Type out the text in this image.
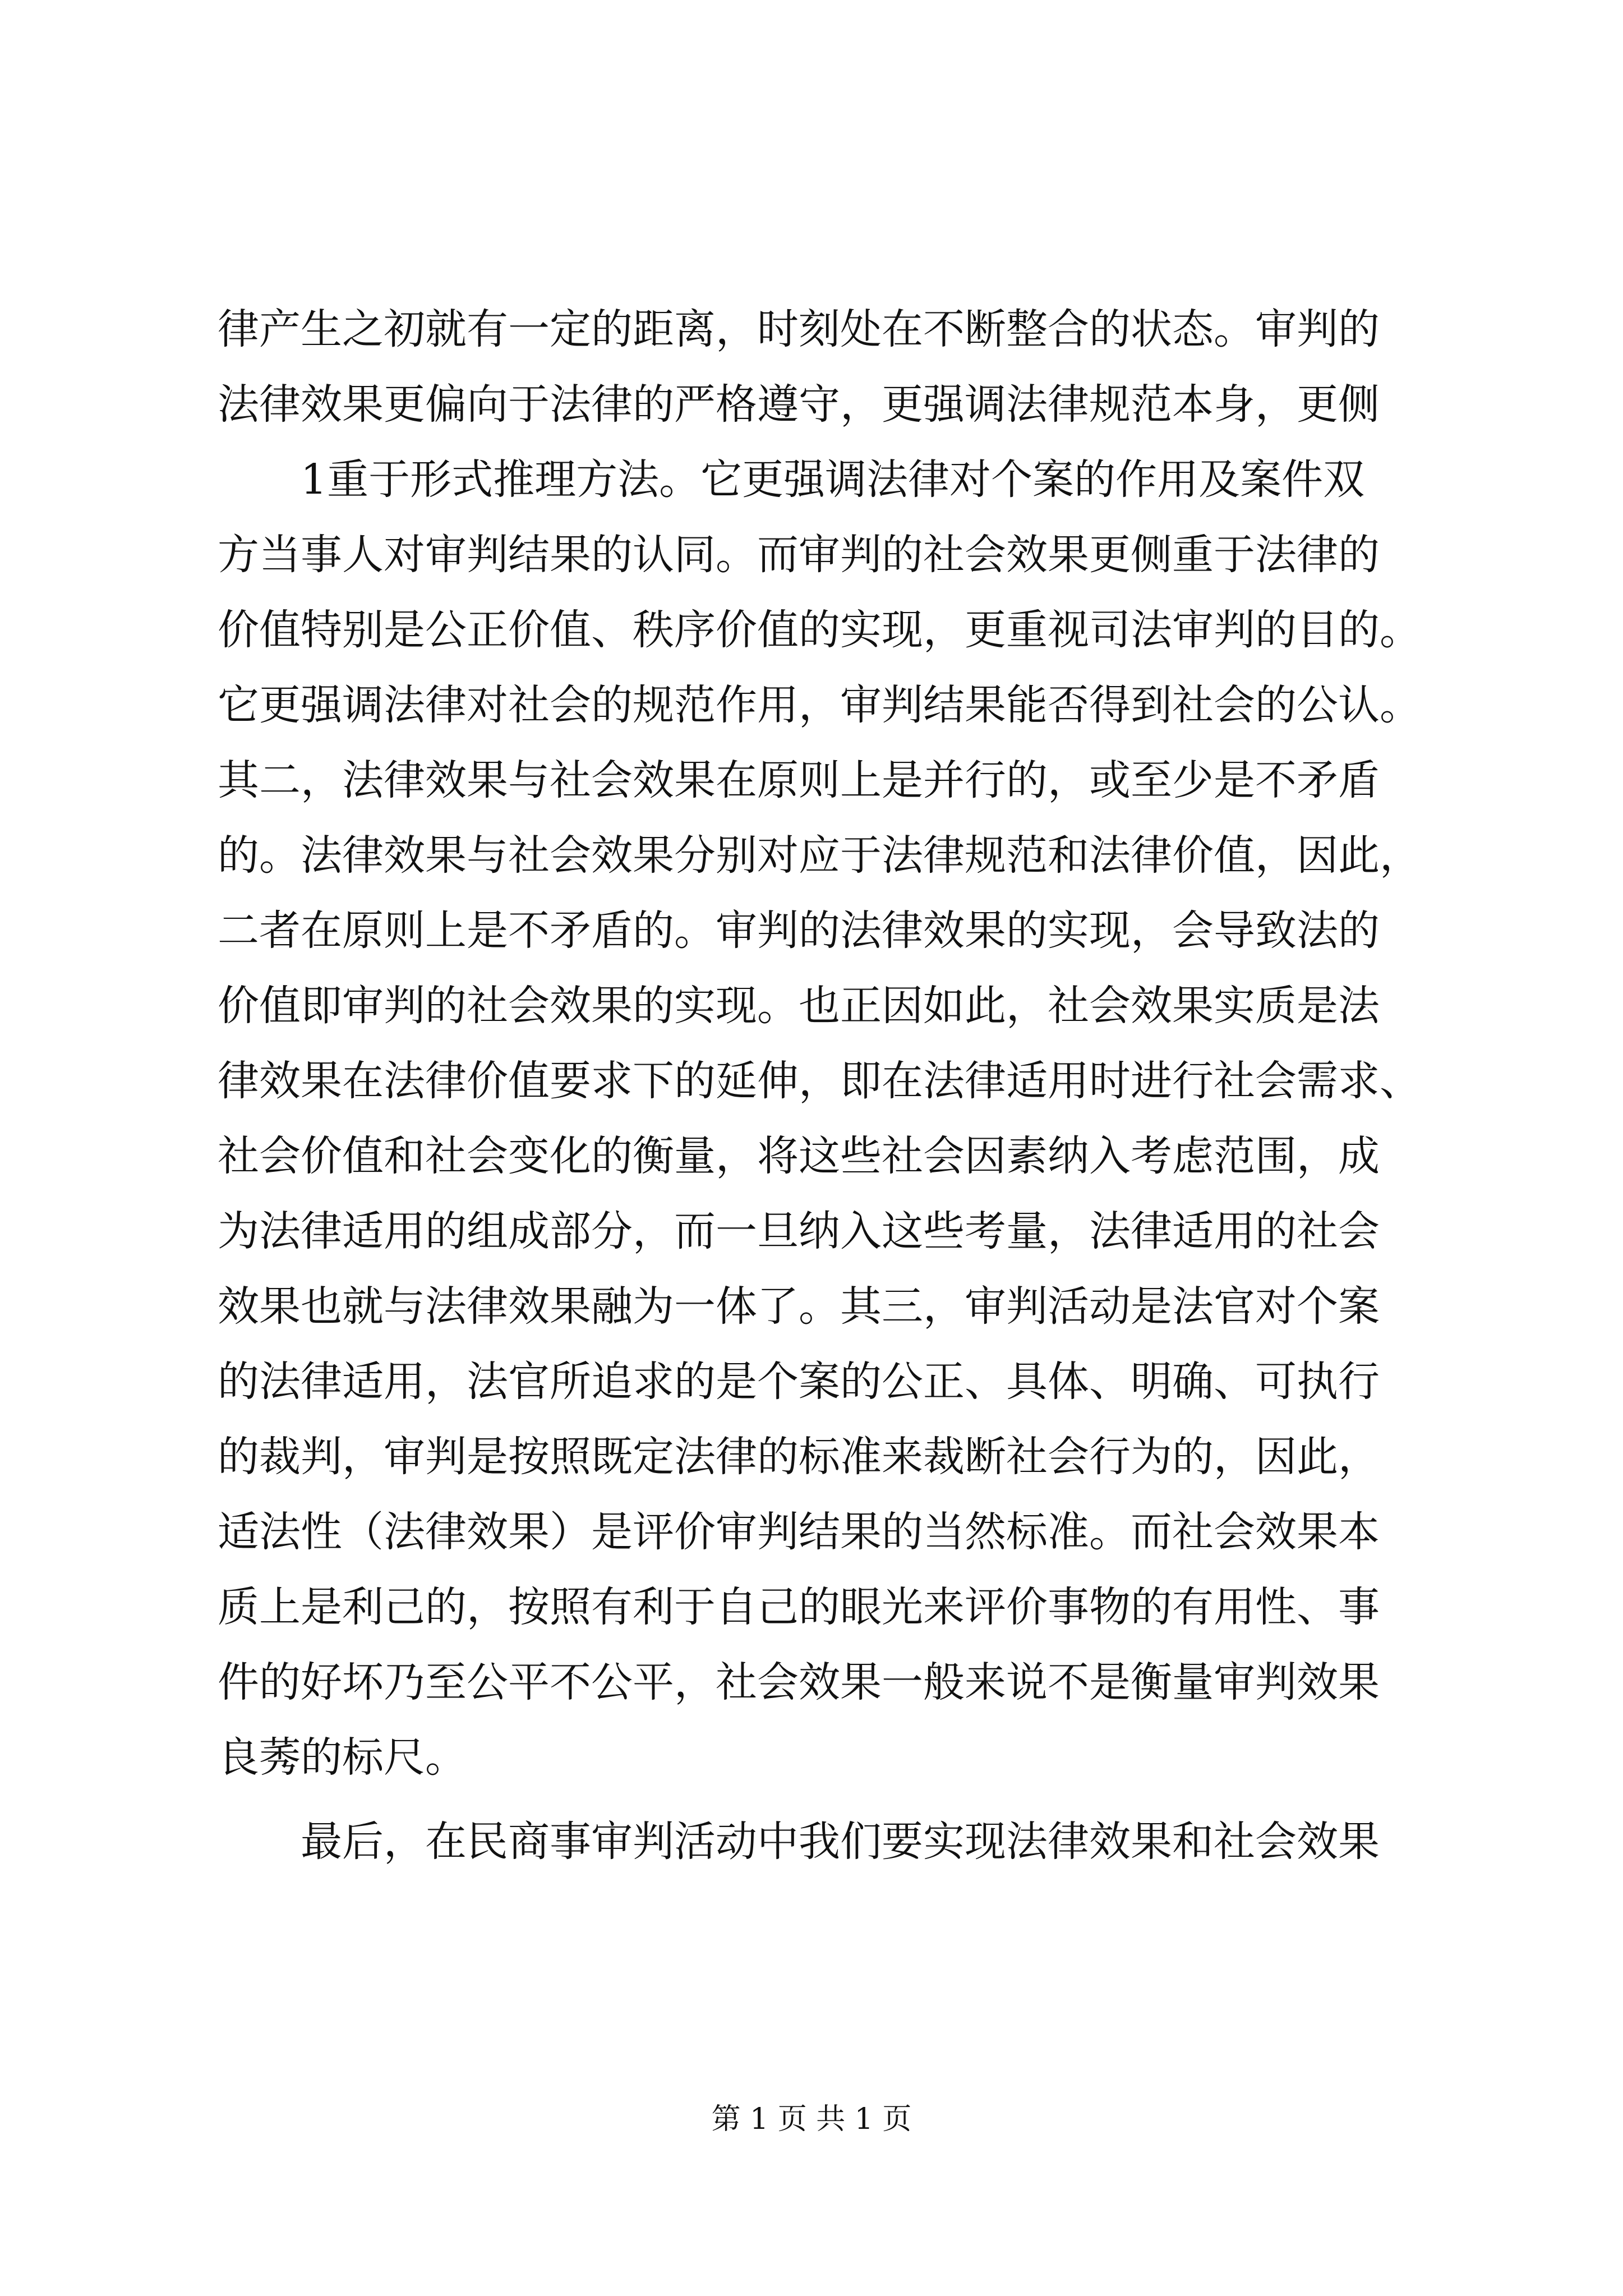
律产生之初就有一定的距离，时刻处在不断整合的状态。审判的

法律效果更偏向于法律的严格遵守，更强调法律规范本身，更侧

　　1重于形式推理方法。它更强调法律对个案的作用及案件双

方当事人对审判结果的认同。而审判的社会效果更侧重于法律的

价值特别是公正价值、秩序价值的实现，更重视司法审判的目的。

它更强调法律对社会的规范作用，审判结果能否得到社会的公认。

其二，法律效果与社会效果在原则上是并行的，或至少是不矛盾

的。法律效果与社会效果分别对应于法律规范和法律价值，因此，

二者在原则上是不矛盾的。审判的法律效果的实现，会导致法的

价值即审判的社会效果的实现。也正因如此，社会效果实质是法

律效果在法律价值要求下的延伸，即在法律适用时进行社会需求、

社会价值和社会变化的衡量，将这些社会因素纳入考虑范围，成

为法律适用的组成部分，而一旦纳入这些考量，法律适用的社会

效果也就与法律效果融为一体了。其三，审判活动是法官对个案

的法律适用，法官所追求的是个案的公正、具体、明确、可执行

的裁判，审判是按照既定法律的标准来裁断社会行为的，因此，

适法性（法律效果）是评价审判结果的当然标准。而社会效果本

质上是利己的，按照有利于自己的眼光来评价事物的有用性、事

件的好坏乃至公平不公平，社会效果一般来说不是衡量审判效果

良莠的标尺。

　　最后，在民商事审判活动中我们要实现法律效果和社会效果

第 1 页 共 1 页
